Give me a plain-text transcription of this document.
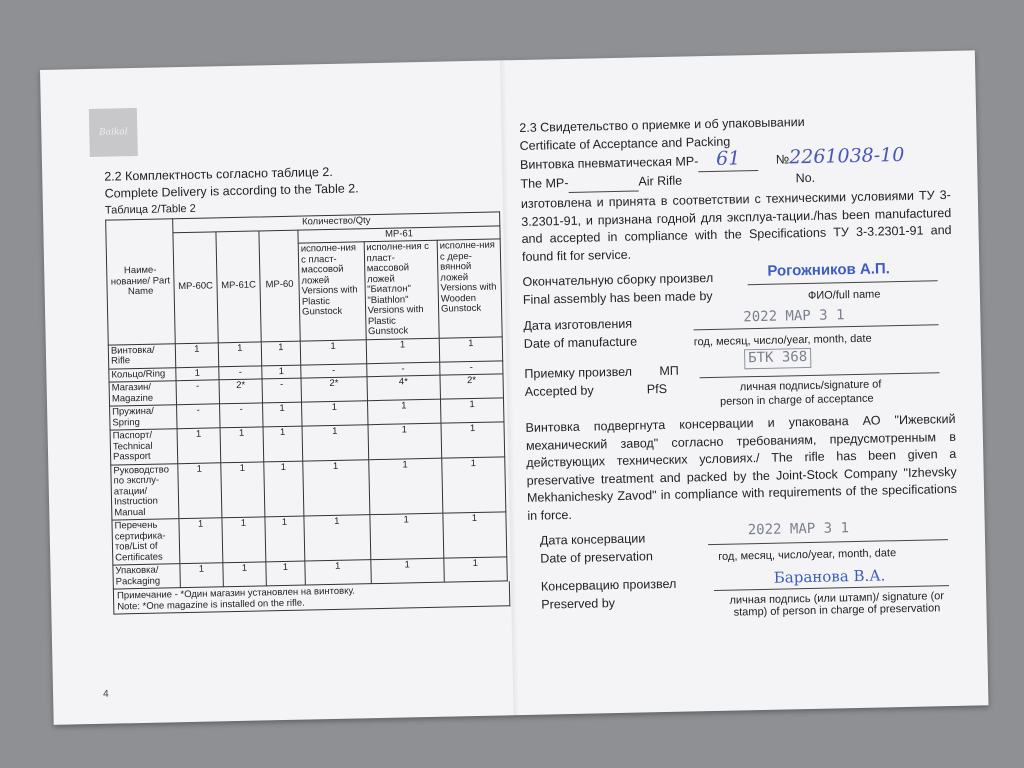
Baikal
2.2 Комплектность согласно таблице 2.
Complete Delivery is according to the Table 2.
Таблица 2/Table 2
Наиме-нование/ Part Name	Количество/Qty					
	MP-60C	MP-61C	MP-60	MP-61		
				исполне-ния с пласт-массовой ложей Versions with Plastic Gunstock	исполне-ния с пласт-массовой ложей "Биатлон" "Biathlon" Versions with Plastic Gunstock	исполне-ния с дере-вянной ложей Versions with Wooden Gunstock
Винтовка/ Rifle	1	1	1	1	1	1
Кольцо/Ring	1	-	1	-	-	-
Магазин/ Magazine	-	2*	-	2*	4*	2*
Пружина/ Spring	-	-	1	1	1	1
Паспорт/ Technical Passport	1	1	1	1	1	1
Руководство по эксплу-атации/ Instruction Manual	1	1	1	1	1	1
Перечень сертифика-тов/List of Certificates	1	1	1	1	1	1
Упаковка/ Packaging	1	1	1	1	1	1
Примечание - *Один магазин установлен на винтовку.
Note: *One magazine is installed on the rifle.
4
2.3 Свидетельство о приемке и об упаковывании
Certificate of Acceptance and Packing
Винтовка пневматическая MP- 61	№2261038-10
The MP-	Air Rifle	No.
изготовлена и принята в соответствии с техническими условиями ТУ 3-3.2301-91, и признана годной для эксплуа-тации./has been manufactured and accepted in compliance with the Specifications ТУ 3-3.2301-91 and found fit for service.
Окончательную сборку произвел
Final assembly has been made by
Рогожников А.П.
ФИО/full name
Дата изготовления
Date of manufacture
2022 МАР 3 1
год, месяц, число/year, month, date
Приемку произвел
Accepted by
МП
PfS
БТК 368
личная подпись/signature of
person in charge of acceptance
Винтовка подвергнута консервации и упакована АО "Ижевский механический завод" согласно требованиям, предусмотренным в действующих технических условиях./ The rifle has been given a preservative treatment and packed by the Joint-Stock Company "Izhevsky Mekhanichesky Zavod" in compliance with requirements of the specifications in force.
Дата консервации
Date of preservation
2022 МАР 3 1
год, месяц, число/year, month, date
Консервацию произвел
Preserved by
Баранова В.А.
личная подпись (или штамп)/ signature (or stamp) of person in charge of preservation
